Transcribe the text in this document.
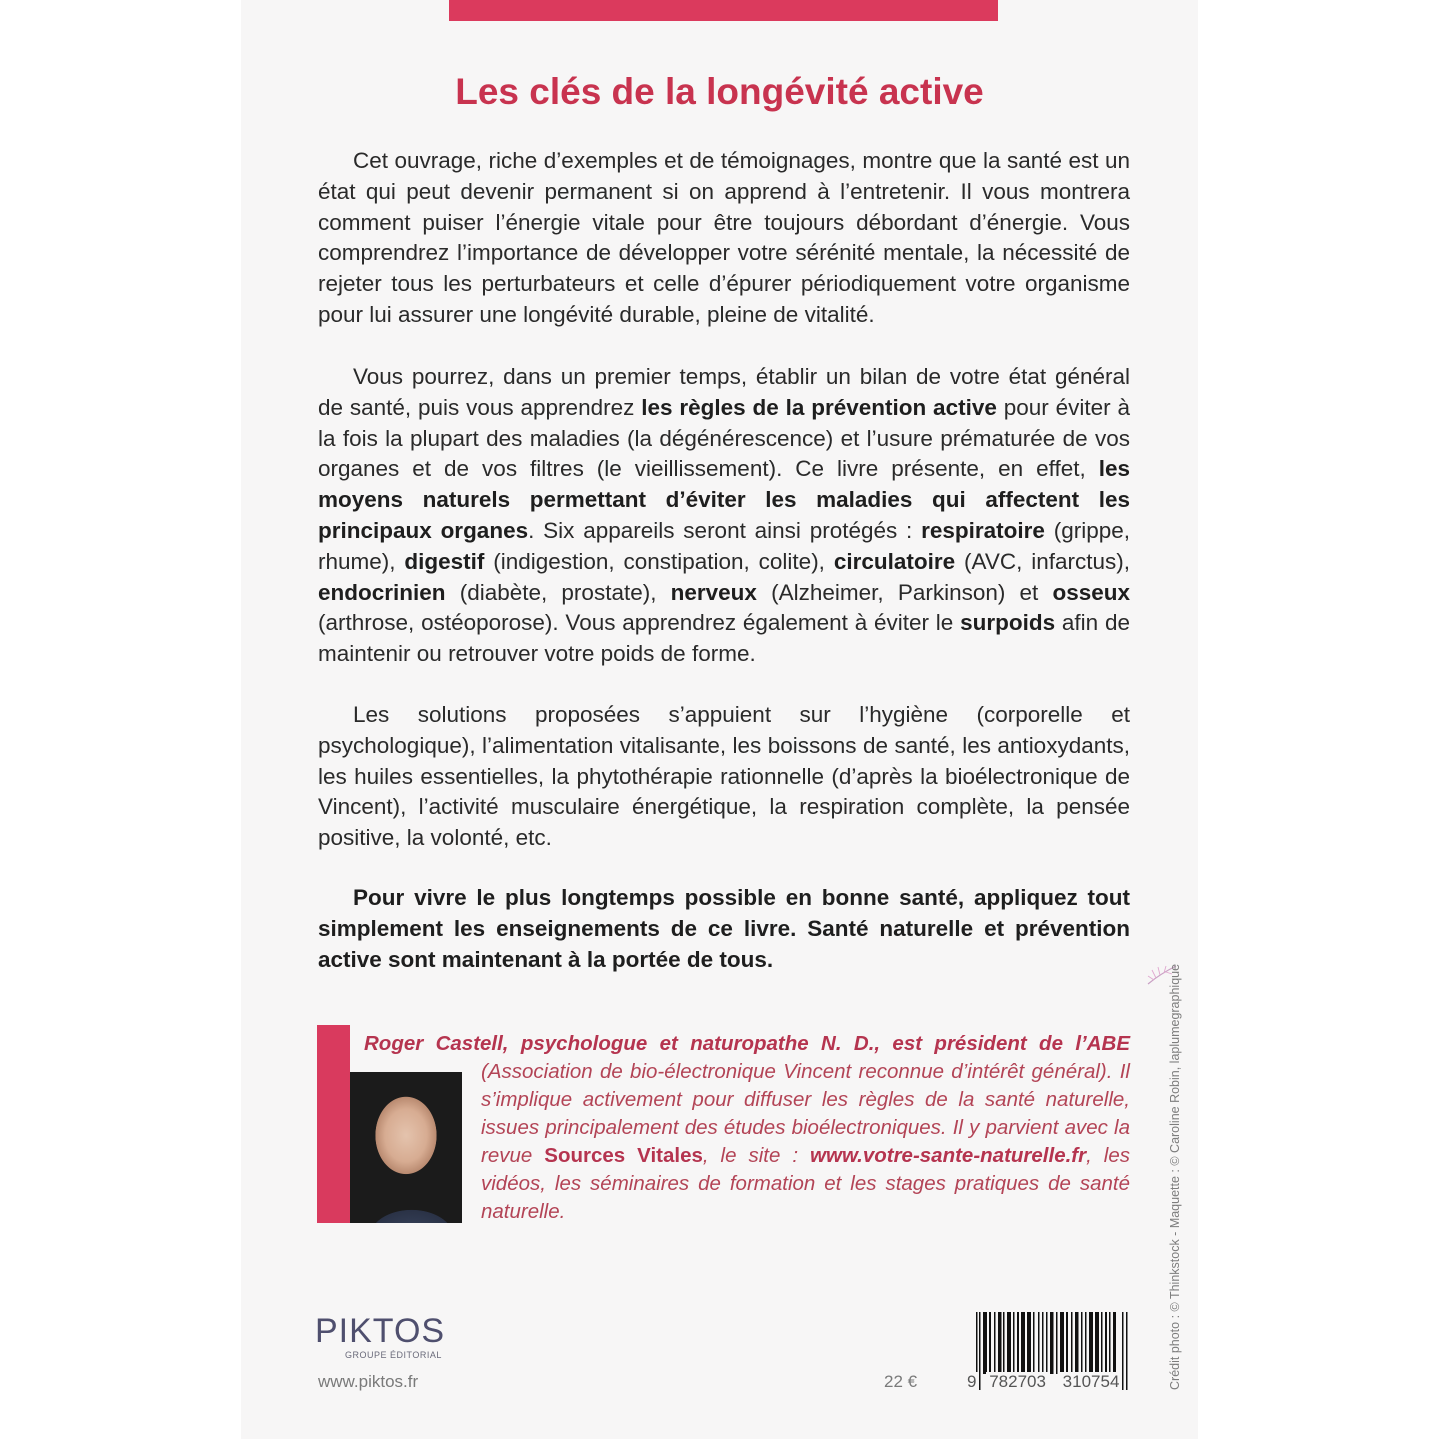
Les clés de la longévité active

Cet ouvrage, riche d’exemples et de témoignages, montre que la santé est un état qui peut devenir permanent si on apprend à l’entretenir. Il vous montrera comment puiser l’énergie vitale pour être toujours débordant d’énergie. Vous comprendrez l’importance de développer votre sérénité mentale, la nécessité de rejeter tous les perturbateurs et celle d’épurer périodiquement votre organisme pour lui assurer une longévité durable, pleine de vitalité.

Vous pourrez, dans un premier temps, établir un bilan de votre état général de santé, puis vous apprendrez les règles de la prévention active pour éviter à la fois la plupart des maladies (la dégénérescence) et l’usure prématurée de vos organes et de vos filtres (le vieillissement). Ce livre présente, en effet, les moyens naturels permettant d’éviter les maladies qui affectent les principaux organes. Six appareils seront ainsi protégés : respiratoire (grippe, rhume), digestif (indigestion, constipation, colite), circulatoire (AVC, infarctus), endocrinien (diabète, prostate), nerveux (Alzheimer, Parkinson) et osseux (arthrose, ostéoporose). Vous apprendrez également à éviter le surpoids afin de maintenir ou retrouver votre poids de forme.

Les solutions proposées s’appuient sur l’hygiène (corporelle et psychologique), l’alimentation vitalisante, les boissons de santé, les antioxydants, les huiles essentielles, la phytothérapie rationnelle (d’après la bioélectronique de Vincent), l’activité musculaire énergétique, la respiration complète, la pensée positive, la volonté, etc.

Pour vivre le plus longtemps possible en bonne santé, appliquez tout simplement les enseignements de ce livre. Santé naturelle et prévention active sont maintenant à la portée de tous.

Roger Castell, psychologue et naturopathe N. D., est président de l’ABE
(Association de bio-électronique Vincent reconnue d’intérêt général). Il s’implique activement pour diffuser les règles de la santé naturelle, issues principalement des études bioélectroniques. Il y parvient avec la revue Sources Vitales, le site : www.votre-sante-naturelle.fr, les vidéos, les séminaires de formation et les stages pratiques de santé naturelle.	Crédit photo : © Thinkstock - Maquette : © Caroline Robin, laplumegraphique
PIKTOS
GROUPE ÉDITORIAL
www.piktos.fr	22 €	9 782703 310754
